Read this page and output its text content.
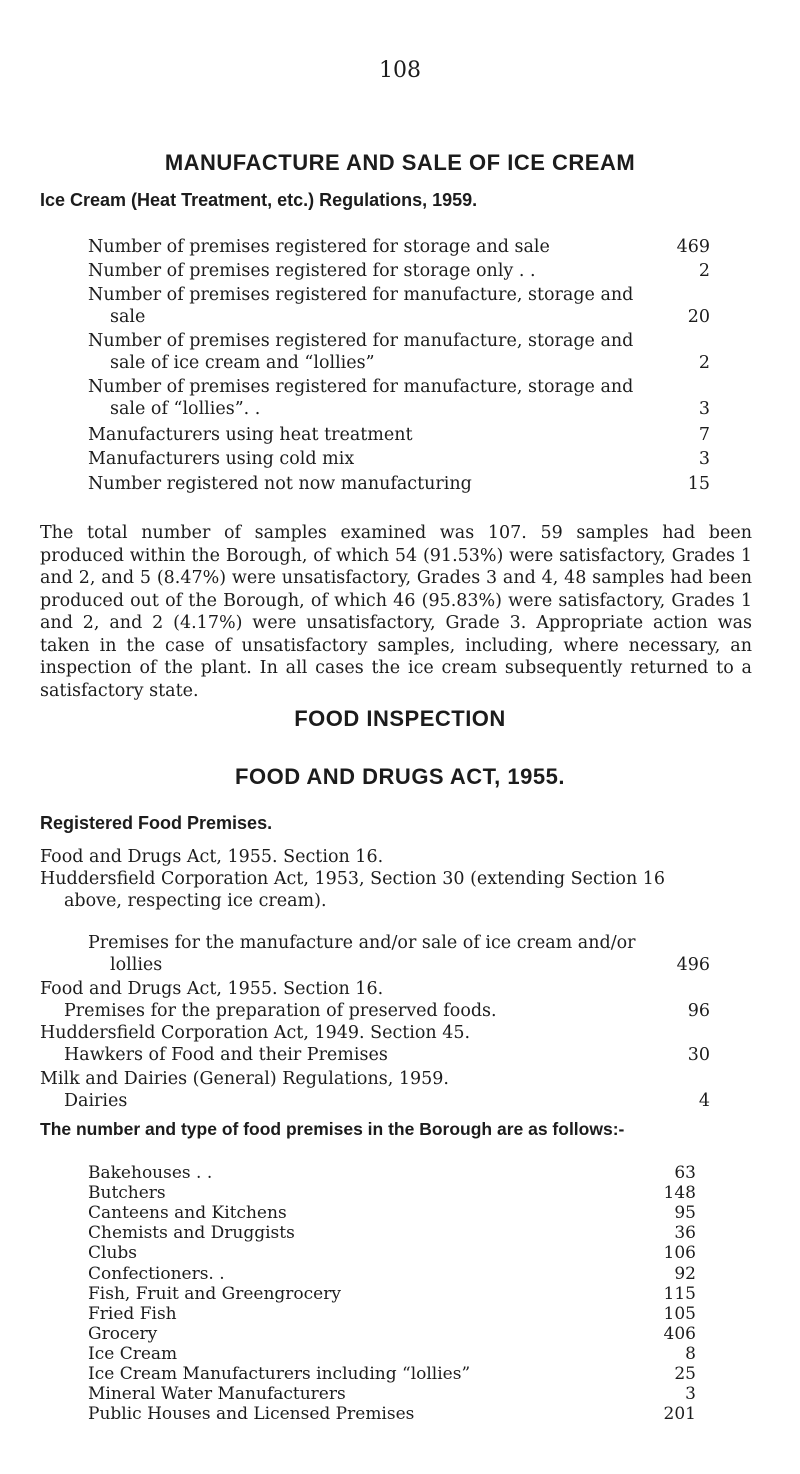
108
MANUFACTURE AND SALE OF ICE CREAM
Ice Cream (Heat Treatment, etc.) Regulations, 1959.
Number of premises registered for storage and sale	469
Number of premises registered for storage only . .	2
Number of premises registered for manufacture, storage and
sale	20
Number of premises registered for manufacture, storage and
sale of ice cream and “lollies”	2
Number of premises registered for manufacture, storage and
sale of “lollies”. .	3
Manufacturers using heat treatment	7
Manufacturers using cold mix	3
Number registered not now manufacturing	15
The total number of samples examined was 107. 59 samples had been produced within the Borough, of which 54 (91.53%) were satisfactory, Grades 1 and 2, and 5 (8.47%) were unsatisfactory, Grades 3 and 4, 48 samples had been produced out of the Borough, of which 46 (95.83%) were satisfactory, Grades 1 and 2, and 2 (4.17%) were unsatisfactory, Grade 3. Appropriate action was taken in the case of unsatisfactory samples, including, where necessary, an inspection of the plant. In all cases the ice cream subsequently returned to a satisfactory state.
FOOD INSPECTION
FOOD AND DRUGS ACT, 1955.
Registered Food Premises.
Food and Drugs Act, 1955. Section 16.
Huddersfield Corporation Act, 1953, Section 30 (extending Section 16
above, respecting ice cream).
Premises for the manufacture and/or sale of ice cream and/or
lollies	496
Food and Drugs Act, 1955. Section 16.
Premises for the preparation of preserved foods.	96
Huddersfield Corporation Act, 1949. Section 45.
Hawkers of Food and their Premises	30
Milk and Dairies (General) Regulations, 1959.
Dairies	4
The number and type of food premises in the Borough are as follows:-
Bakehouses . .	63
Butchers	148
Canteens and Kitchens	95
Chemists and Druggists	36
Clubs	106
Confectioners. .	92
Fish, Fruit and Greengrocery	115
Fried Fish	105
Grocery	406
Ice Cream	8
Ice Cream Manufacturers including “lollies”	25
Mineral Water Manufacturers	3
Public Houses and Licensed Premises	201
